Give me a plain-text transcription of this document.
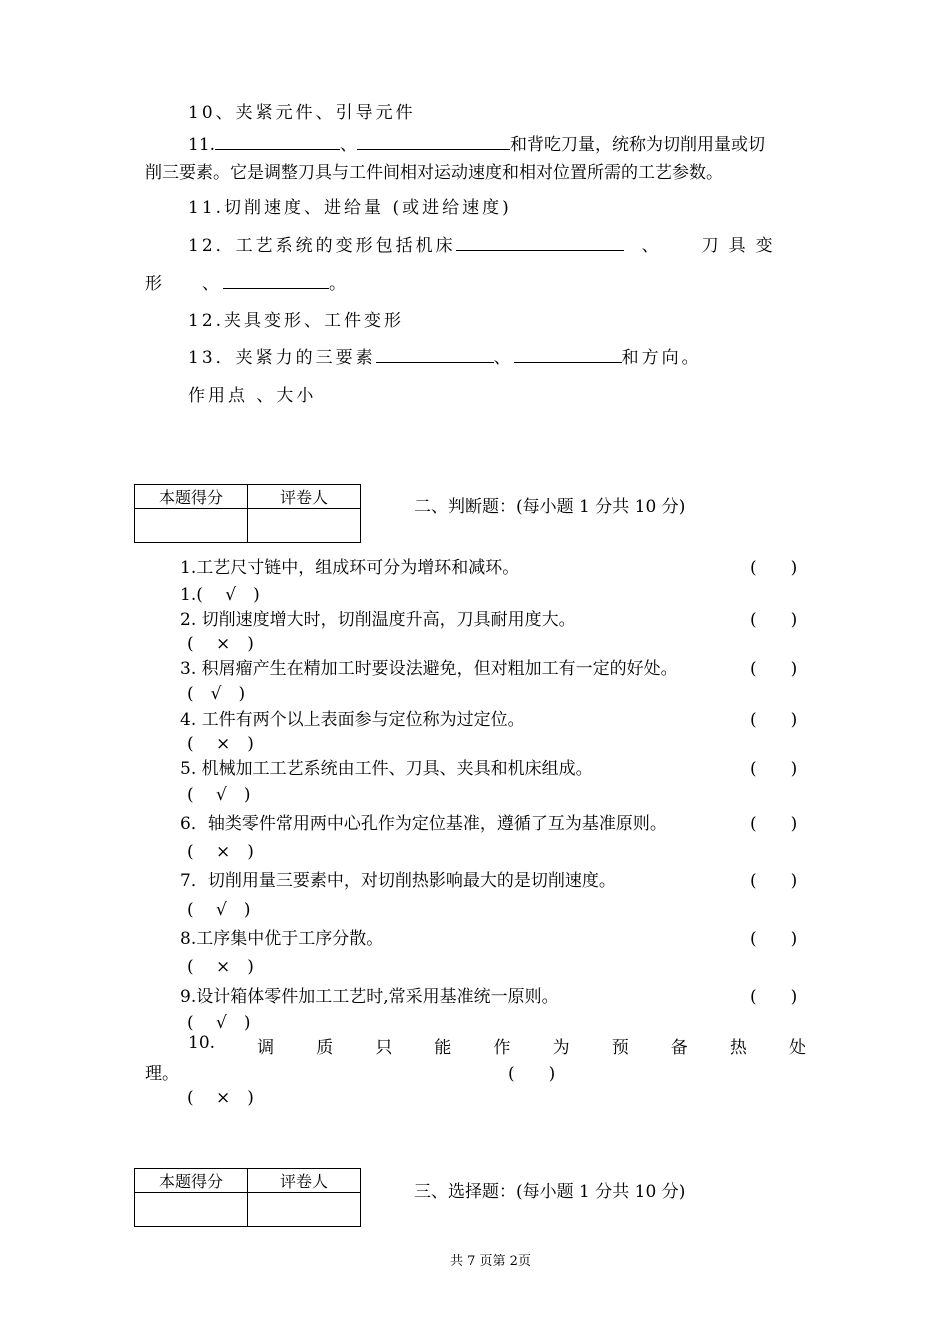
10、夹紧元件、引导元件
11.	、	和背吃刀量，统称为切削用量或切
削三要素。它是调整刀具与工件间相对运动速度和相对位置所需的工艺参数。
11.切削速度、进给量 (或进给速度)
12．工艺系统的变形包括机床	、 刀具变
形 、	。
12.夹具变形、工件变形
13．夹紧力的三要素	、	和方向。
作用点 、大小
本题得分	评卷人
		二、判断题：(每小题 1 分共 10 分)
1.工艺尺寸链中，组成环可分为增环和减环。	(　　)
1.(　 √　)
2. 切削速度增大时，切削温度升高，刀具耐用度大。	(　　)
(　 ×　)
3. 积屑瘤产生在精加工时要设法避免，但对粗加工有一定的好处。	(　　)
(　√　)
4. 工件有两个以上表面参与定位称为过定位。	(　　)
(　 ×　)
5. 机械加工工艺系统由工件、刀具、夹具和机床组成。	(　　)
(　 √　)
6．轴类零件常用两中心孔作为定位基准，遵循了互为基准原则。	(　　)
(　 ×　)
7．切削用量三要素中，对切削热影响最大的是切削速度。	(　　)
(　 √　)
8.工序集中优于工序分散。	(　　)
(　 ×　)
9.设计箱体零件加工工艺时,常采用基准统一原则。	(　　)
(　 √　)
10. 调 质 只 能 作 为 预 备 热 处
理。	(　　)
(　 ×　)
本题得分	评卷人

三、选择题：(每小题 1 分共 10 分)
共 7 页第 2页
